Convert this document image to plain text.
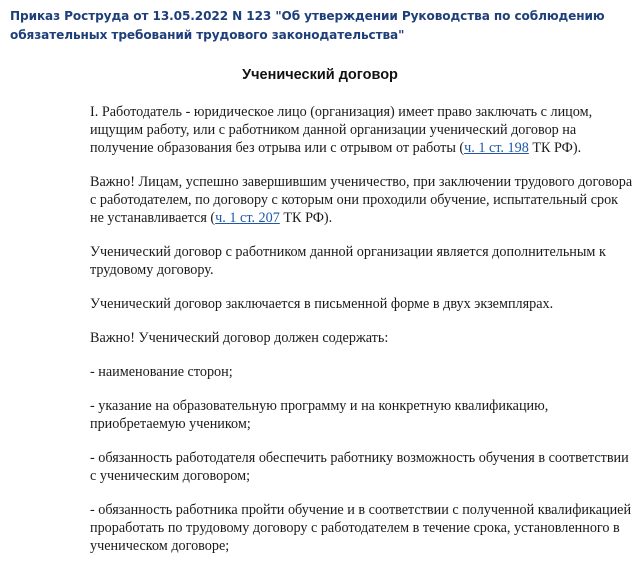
Приказ Роструда от 13.05.2022 N 123 "Об утверждении Руководства по соблюдению обязательных требований трудового законодательства"
Ученический договор

I. Работодатель - юридическое лицо (организация) имеет право заключать с лицом, ищущим работу, или с работником данной организации ученический договор на получение образования без отрыва или с отрывом от работы (ч. 1 ст. 198 ТК РФ).

Важно! Лицам, успешно завершившим ученичество, при заключении трудового договора с работодателем, по договору с которым они проходили обучение, испытательный срок не устанавливается (ч. 1 ст. 207 ТК РФ).

Ученический договор с работником данной организации является дополнительным к трудовому договору.

Ученический договор заключается в письменной форме в двух экземплярах.

Важно! Ученический договор должен содержать:

- наименование сторон;

- указание на образовательную программу и на конкретную квалификацию, приобретаемую учеником;

- обязанность работодателя обеспечить работнику возможность обучения в соответствии с ученическим договором;

- обязанность работника пройти обучение и в соответствии с полученной квалификацией проработать по трудовому договору с работодателем в течение срока, установленного в ученическом договоре;
